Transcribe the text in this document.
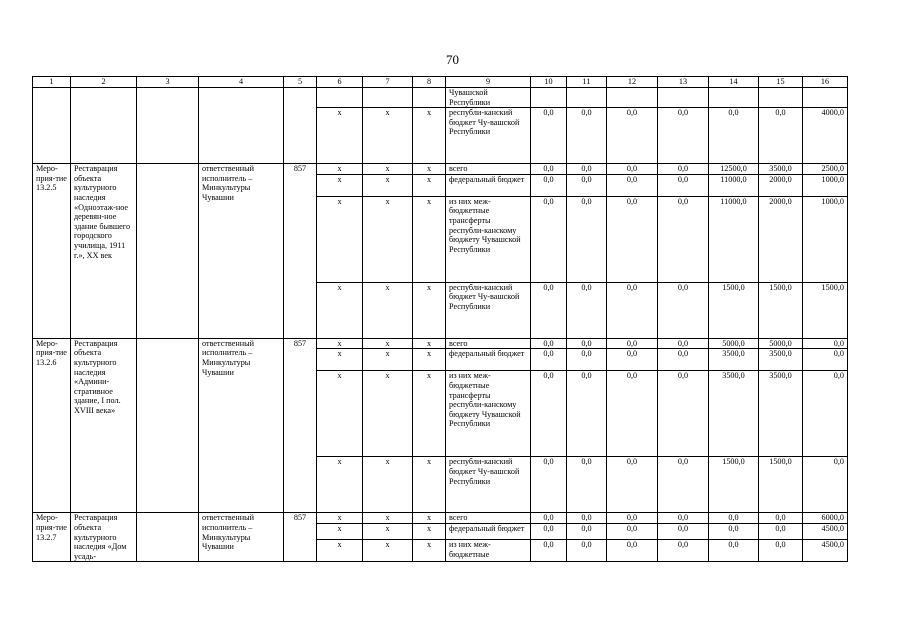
70
1	2	3	4	5	6	7	8	9	10	11	12	13	14	15	16
								Чувашской Республики							
					х	х	х	республи-канский бюджет Чу-вашской Республики	0,0	0,0	0,0	0,0	0,0	0,0	4000,0
Меро-прия-тие 13.2.5	Реставрация объекта культурного наследия «Одноэтаж-ное деревян-ное здание бывшего городского училища, 1911 г.», XX век		ответственный исполнитель – Минкультуры Чувашии	857	х	х	х	всего	0,0	0,0	0,0	0,0	12500,0	3500,0	2500,0
					х	х	х	федеральный бюджет	0,0	0,0	0,0	0,0	11000,0	2000,0	1000,0
					х	х	х	из них меж-бюджетные трансферты республи-канскому бюджету Чувашской Республики	0,0	0,0	0,0	0,0	11000,0	2000,0	1000,0
					х	х	х	республи-канский бюджет Чу-вашской Республики	0,0	0,0	0,0	0,0	1500,0	1500,0	1500,0
Меро-прия-тие 13.2.6	Реставрация объекта культурного наследия «Админи-стративное здание, I пол. XVIII века»		ответственный исполнитель – Минкультуры Чувашии	857	х	х	х	всего	0,0	0,0	0,0	0,0	5000,0	5000,0	0,0
					х	х	х	федеральный бюджет	0,0	0,0	0,0	0,0	3500,0	3500,0	0,0
					х	х	х	из них меж-бюджетные трансферты республи-канскому бюджету Чувашской Республики	0,0	0,0	0,0	0,0	3500,0	3500,0	0,0
					х	х	х	республи-канский бюджет Чу-вашской Республики	0,0	0,0	0,0	0,0	1500,0	1500,0	0,0
Меро-прия-тие 13.2.7	Реставрация объекта культурного наследия «Дом усадь-		ответственный исполнитель – Минкультуры Чувашии	857	х	х	х	всего	0,0	0,0	0,0	0,0	0,0	0,0	6000,0
					х	х	х	федеральный бюджет	0,0	0,0	0,0	0,0	0,0	0,0	4500,0
					х	х	х	из них меж-бюджетные	0,0	0,0	0,0	0,0	0,0	0,0	4500,0
